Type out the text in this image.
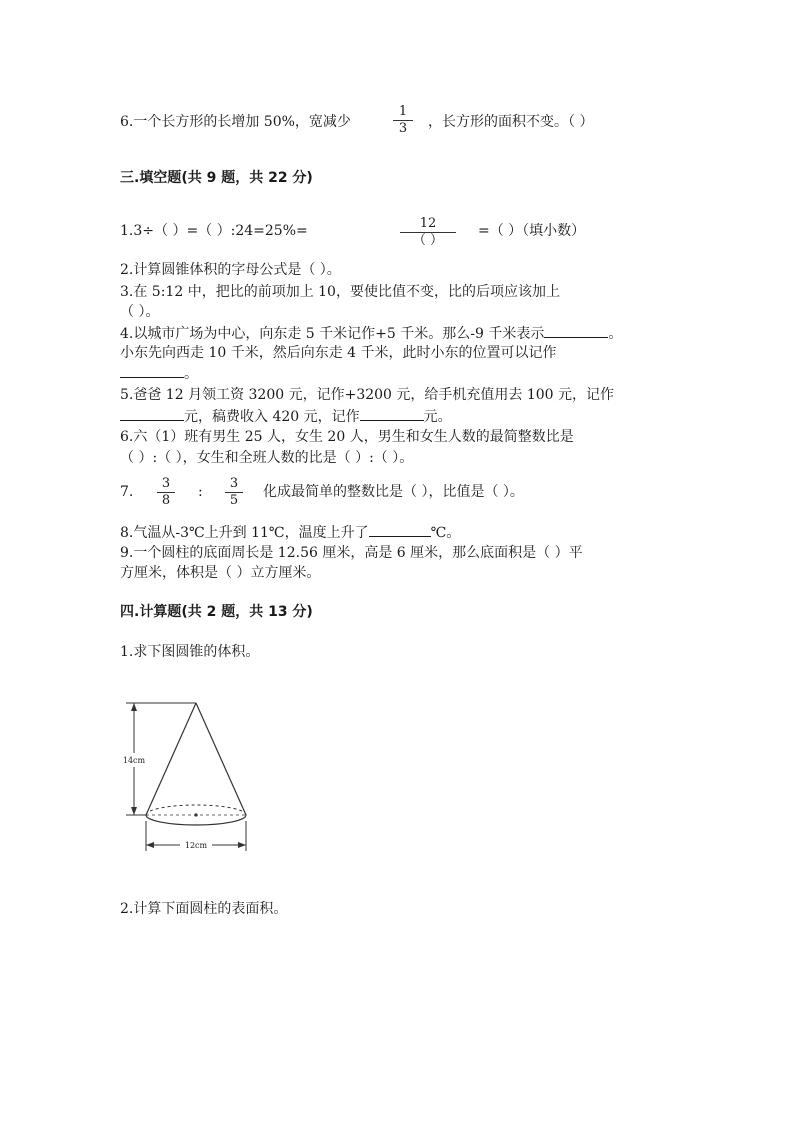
6.一个长方形的长增加 50%，宽减少	$\frac{1}{3}$ ，长方形的面积不变。（ ）
三.填空题(共 9 题，共 22 分)
1.3÷（ ）=（ ）:24=25%=	12
（ ）
=（ ）（填小数）
2.计算圆锥体积的字母公式是（ ）。
3.在 5:12 中，把比的前项加上 10，要使比值不变，比的后项应该加上
（ ）。
4.以城市广场为中心，向东走 5 千米记作+5 千米。那么-9 千米表示	。
小东先向西走 10 千米，然后向东走 4 千米，此时小东的位置可以记作
。
5.爸爸 12 月领工资 3200 元，记作+3200 元，给手机充值用去 100 元，记作
元，稿费收入 420 元，记作	元。
6.六（1）班有男生 25 人，女生 20 人，男生和女生人数的最简整数比是
（ ）:（ ），女生和全班人数的比是（ ）:（ ）。
7. $\frac{3}{8}$ : $\frac{3}{5}$ 化成最简单的整数比是（ ），比值是（ ）。
8.气温从-3℃上升到 11℃，温度上升了	℃。
9.一个圆柱的底面周长是 12.56 厘米，高是 6 厘米，那么底面积是（ ）平
方厘米，体积是（ ）立方厘米。
四.计算题(共 2 题，共 13 分)
1.求下图圆锥的体积。
14cm
12cm
2.计算下面圆柱的表面积。
